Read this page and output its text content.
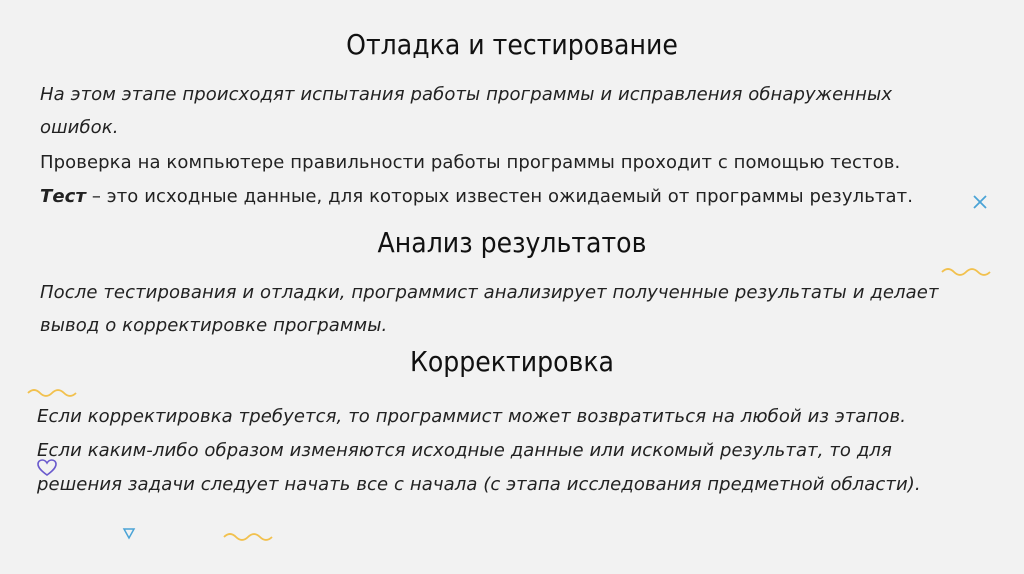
Отладка и тестирование

На этом этапе происходят испытания работы программы и исправления обнаруженных

ошибок.

Проверка на компьютере правильности работы программы проходит с помощью тестов.

Тест – это исходные данные, для которых известен ожидаемый от программы результат.

Анализ результатов

После тестирования и отладки, программист анализирует полученные результаты и делает

вывод о корректировке программы.

Корректировка

Если корректировка требуется, то программист может возвратиться на любой из этапов.

Если каким-либо образом изменяются исходные данные или искомый результат, то для

решения задачи следует начать все с начала (с этапа исследования предметной области).
